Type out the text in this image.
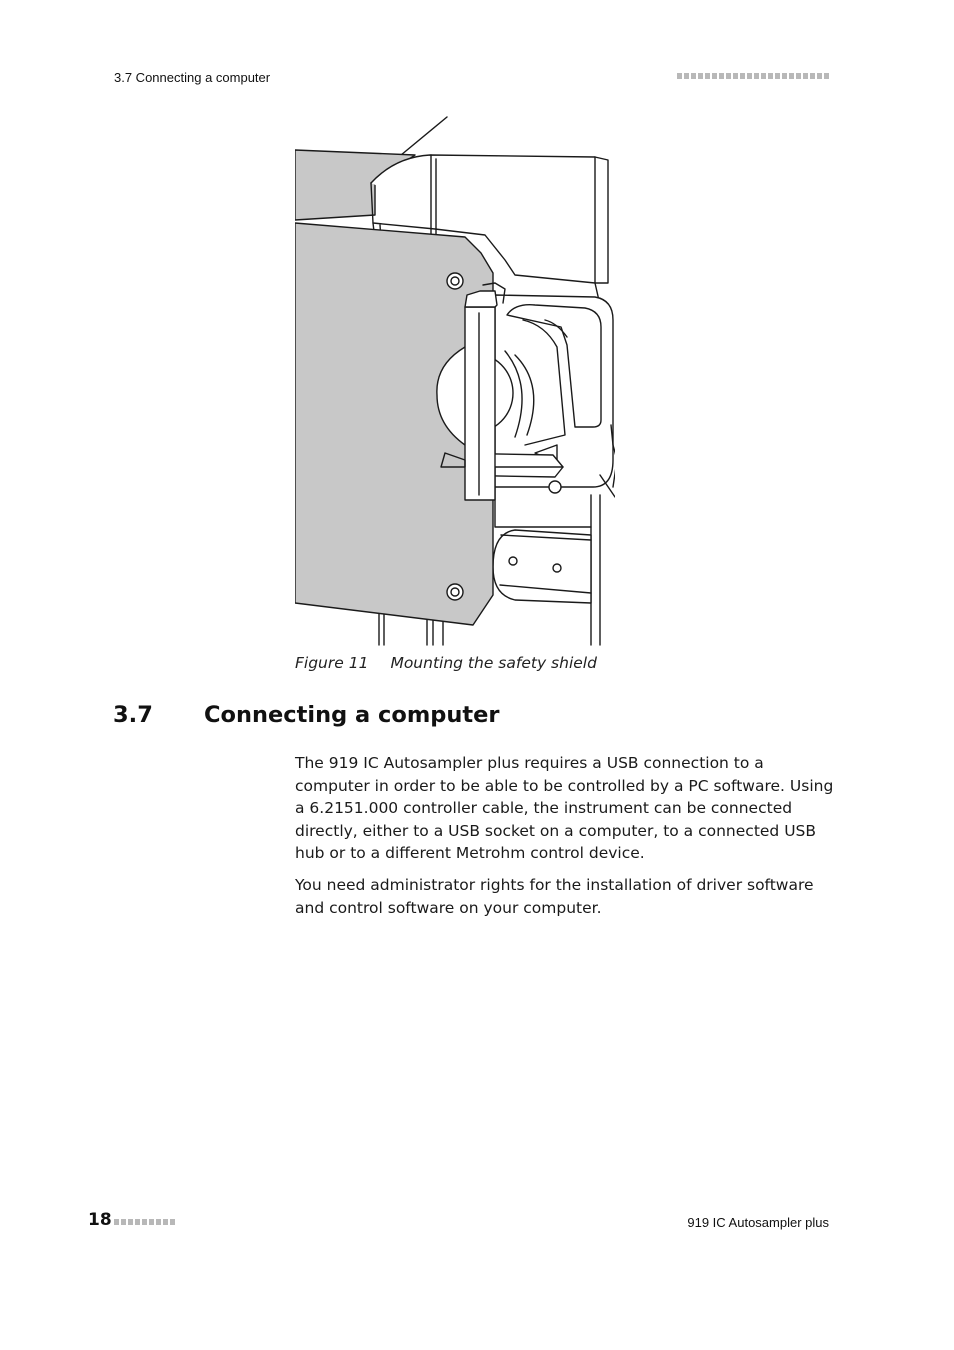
3.7 Connecting a computer
Figure 11 Mounting the safety shield
3.7 Connecting a computer

The 919 IC Autosampler plus requires a USB connection to a computer in order to be able to be controlled by a PC software. Using a 6.2151.000 controller cable, the instrument can be connected directly, either to a USB socket on a computer, to a connected USB hub or to a different Metrohm control device.

You need administrator rights for the installation of driver software and control software on your computer.

18	919 IC Autosampler plus
